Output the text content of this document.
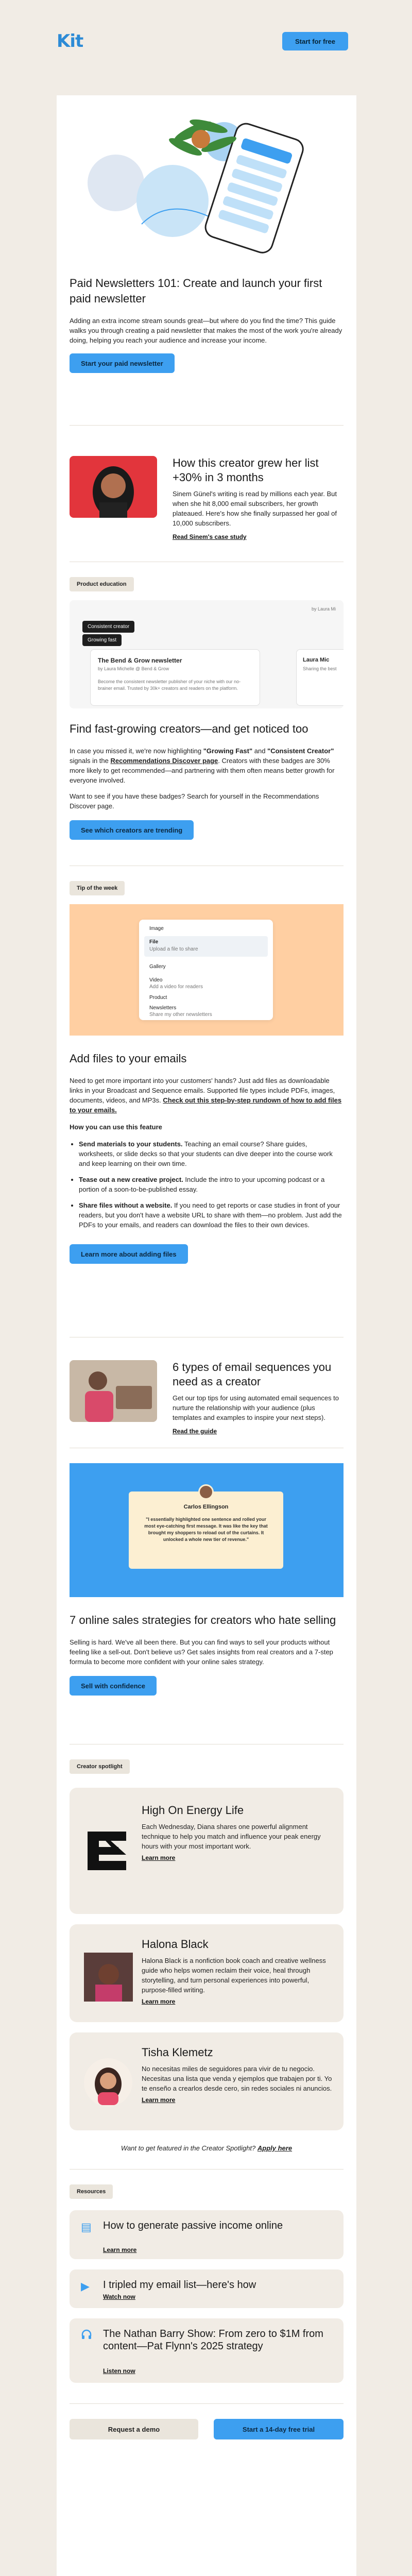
Kit	Start for free
Paid Newsletters 101: Create and launch your first paid newsletter

Adding an extra income stream sounds great—but where do you find the time? This guide walks you through creating a paid newsletter that makes the most of the work you're already doing, helping you reach your audience and increase your income.

Start your paid newsletter
How this creator grew her list +30% in 3 months

Sinem Günel's writing is read by millions each year. But when she hit 8,000 email subscribers, her growth plateaued. Here's how she finally surpassed her goal of 10,000 subscribers.

Read Sinem's case study
Product education
Consistent creator
Growing fast
The Bend & Grow newsletter
by Laura Michelle @ Bend & Grow
Become the consistent newsletter publisher of your niche with our no-brainer email. Trusted by 30k+ creators and readers on the platform.
by Laura Mi
Laura Mic
Sharing the best
Find fast-growing creators—and get noticed too

In case you missed it, we're now highlighting "Growing Fast" and "Consistent Creator" signals in the Recommendations Discover page. Creators with these badges are 30% more likely to get recommended—and partnering with them often means better growth for everyone involved.

Want to see if you have these badges? Search for yourself in the Recommendations Discover page.

See which creators are trending
Tip of the week
Image
File
Upload a file to share
Gallery
Video
Add a video for readers
Product
Newsletters
Share my other newsletters
Add files to your emails

Need to get more important into your customers' hands? Just add files as downloadable links in your Broadcast and Sequence emails. Supported file types include PDFs, images, documents, videos, and MP3s. Check out this step-by-step rundown of how to add files to your emails.

How you can use this feature

• Send materials to your students. Teaching an email course? Share guides, worksheets, or slide decks so that your students can dive deeper into the course work and keep learning on their own time.
• Tease out a new creative project. Include the intro to your upcoming podcast or a portion of a soon-to-be-published essay.
• Share files without a website. If you need to get reports or case studies in front of your readers, but you don't have a website URL to share with them—no problem. Just add the PDFs to your emails, and readers can download the files to their own devices.
Learn more about adding files
6 types of email sequences you need as a creator

Get our top tips for using automated email sequences to nurture the relationship with your audience (plus templates and examples to inspire your next steps).

Read the guide
Carlos Ellingson
"I essentially highlighted one sentence and rolled your most eye-catching first message. It was like the key that brought my shoppers to reload out of the curtains. It unlocked a whole new tier of revenue."
7 online sales strategies for creators who hate selling

Selling is hard. We've all been there. But you can find ways to sell your products without feeling like a sell-out. Don't believe us? Get sales insights from real creators and a 7-step formula to become more confident with your online sales strategy.

Sell with confidence
Creator spotlight
High On Energy Life

Each Wednesday, Diana shares one powerful alignment technique to help you match and influence your peak energy hours with your most important work.

Learn more
Halona Black

Halona Black is a nonfiction book coach and creative wellness guide who helps women reclaim their voice, heal through storytelling, and turn personal experiences into powerful, purpose-filled writing.

Learn more
Tisha Klemetz

No necesitas miles de seguidores para vivir de tu negocio. Necesitas una lista que venda y ejemplos que trabajen por ti. Yo te enseño a crearlos desde cero, sin redes sociales ni anuncios.

Learn more

Want to get featured in the Creator Spotlight? Apply here

Resources
▤ How to generate passive income online
Learn more
▶ I tripled my email list—here's how
Watch now
The Nathan Barry Show: From zero to $1M from content—Pat Flynn's 2025 strategy
Listen now
Request a demo	Start a 14-day free trial
